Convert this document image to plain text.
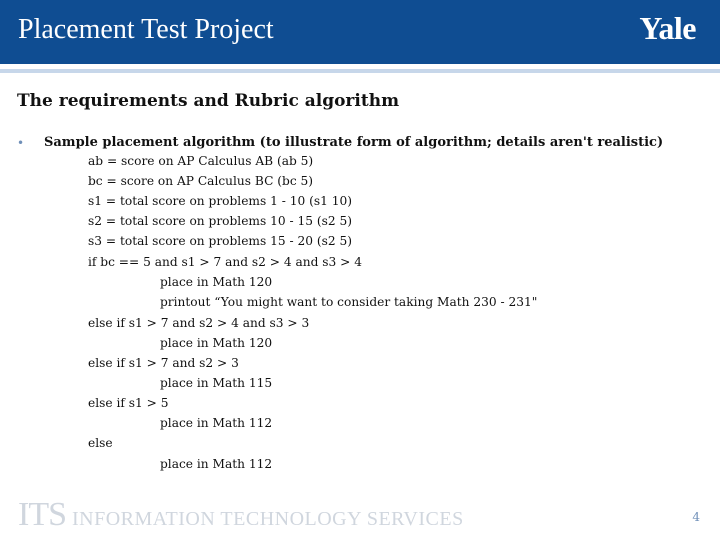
Placement Test Project	Yale
The requirements and Rubric algorithm
• Sample placement algorithm (to illustrate form of algorithm; details aren't realistic)
ab = score on AP Calculus AB (ab 5)
bc = score on AP Calculus BC (bc 5)
s1 = total score on problems 1 - 10 (s1 10)
s2 = total score on problems 10 - 15 (s2 5)
s3 = total score on problems 15 - 20 (s2 5)
if bc == 5 and s1 > 7 and s2 > 4 and s3 > 4
place in Math 120
printout “You might want to consider taking Math 230 - 231"
else if s1 > 7 and s2 > 4 and s3 > 3
place in Math 120
else if s1 > 7 and s2 > 3
place in Math 115
else if s1 > 5
place in Math 112
else
place in Math 112
ITS INFORMATION TECHNOLOGY SERVICES	4
